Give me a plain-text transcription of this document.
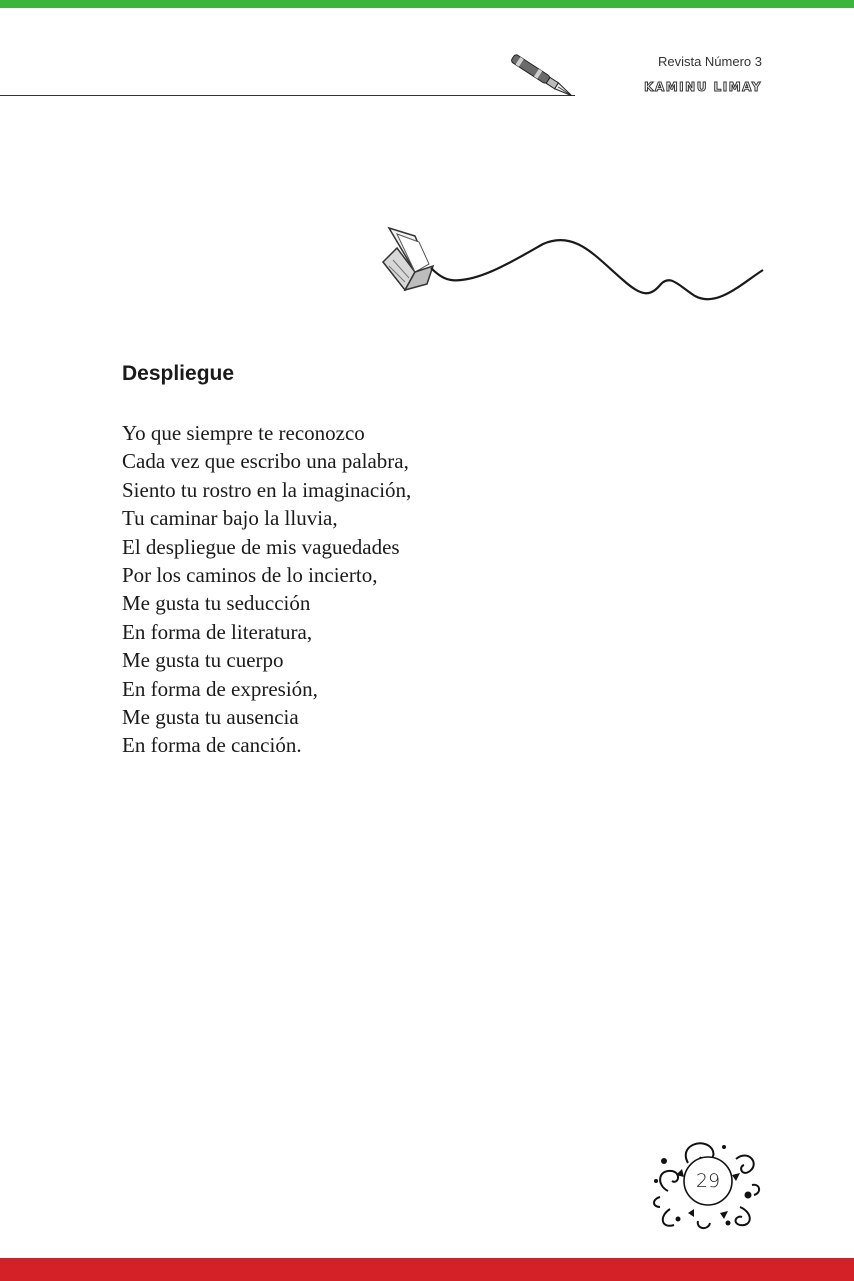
Revista Número 3
KAMINU LIMAY
Despliegue
Yo que siempre te reconozco
Cada vez que escribo una palabra,
Siento tu rostro en la imaginación,
Tu caminar bajo la lluvia,
El despliegue de mis vaguedades
Por los caminos de lo incierto,
Me gusta tu seducción
En forma de literatura,
Me gusta tu cuerpo
En forma de expresión,
Me gusta tu ausencia
En forma de canción.
29
